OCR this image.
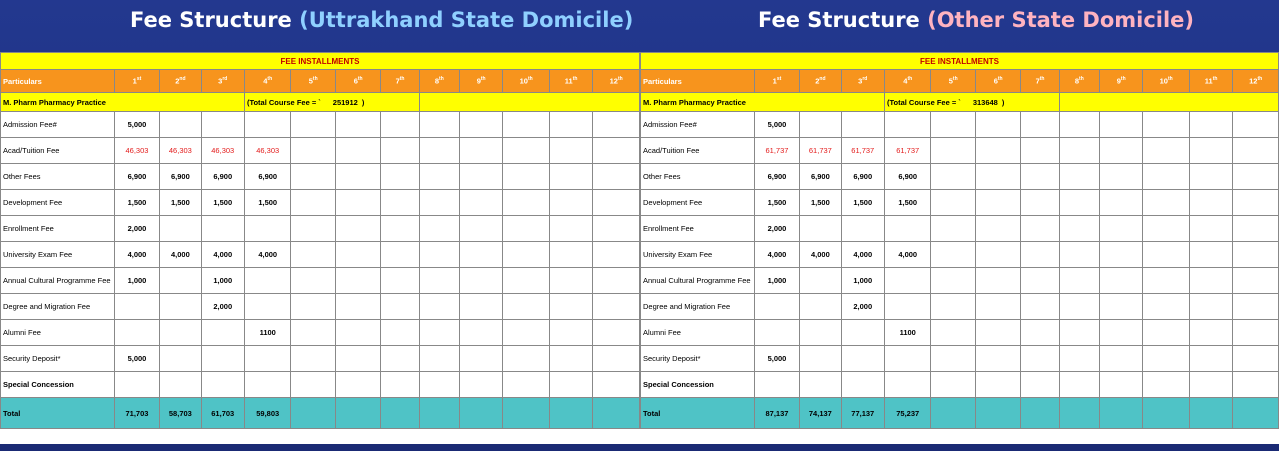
Fee Structure (Uttrakhand State Domicile)	Fee Structure (Other State Domicile)
FEE INSTALLMENTS												
Particulars	1st	2nd	3rd	4th	5th	6th	7th	8th	9th	10th	11th	12th
M. Pharm Pharmacy Practice				(Total Course Fee = ` 251912 )								
Admission Fee#	5,000											
Acad/Tuition Fee	46,303	46,303	46,303	46,303								
Other Fees	6,900	6,900	6,900	6,900								
Development Fee	1,500	1,500	1,500	1,500								
Enrollment Fee	2,000											
University Exam Fee	4,000	4,000	4,000	4,000								
Annual Cultural Programme Fee	1,000		1,000									
Degree and Migration Fee			2,000									
Alumni Fee				1100								
Security Deposit*	5,000											
Special Concession												
Total	71,703	58,703	61,703	59,803								
FEE INSTALLMENTS												
Particulars	1st	2nd	3rd	4th	5th	6th	7th	8th	9th	10th	11th	12th
M. Pharm Pharmacy Practice				(Total Course Fee = ` 313648 )								
Admission Fee#	5,000											
Acad/Tuition Fee	61,737	61,737	61,737	61,737								
Other Fees	6,900	6,900	6,900	6,900								
Development Fee	1,500	1,500	1,500	1,500								
Enrollment Fee	2,000											
University Exam Fee	4,000	4,000	4,000	4,000								
Annual Cultural Programme Fee	1,000		1,000									
Degree and Migration Fee			2,000									
Alumni Fee				1100								
Security Deposit*	5,000											
Special Concession												
Total	87,137	74,137	77,137	75,237								
